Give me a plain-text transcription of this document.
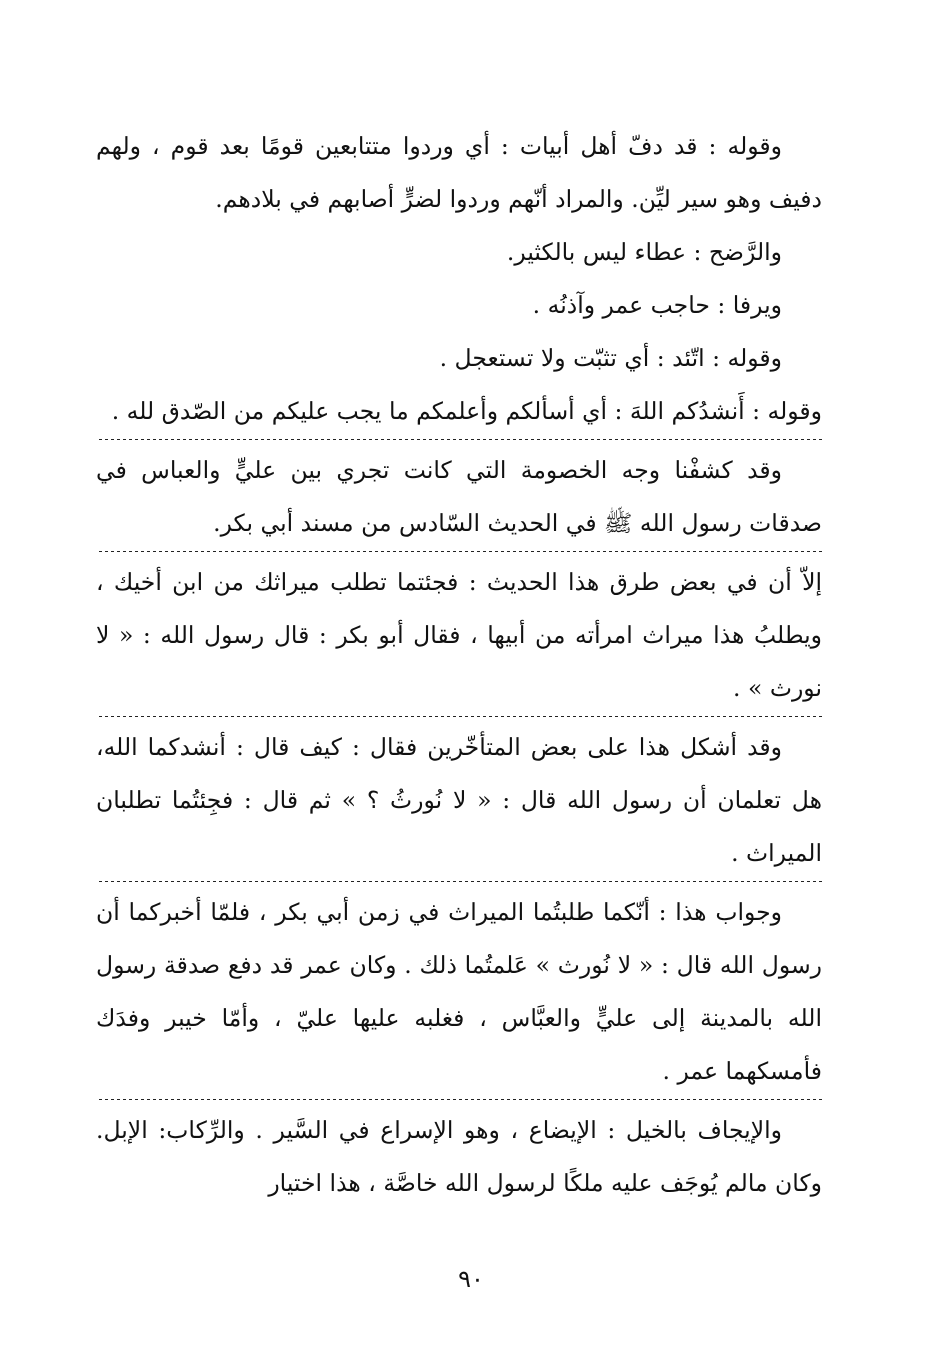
وقوله : قد دفّ أهل أبيات : أي وردوا متتابعين قومًا بعد قوم ، ولهم دفيف وهو سير ليِّن. والمراد أنّهم وردوا لضرٍّ أصابهم في بلادهم.

والرَّضح : عطاء ليس بالكثير.

ويرفا : حاجب عمر وآذنُه .

وقوله : اتّئد : أي تثبّت ولا تستعجل .

وقوله : أَنشدُكم اللهَ : أي أسألكم وأعلمكم ما يجب عليكم من الصّدق لله .

وقد كشفْنا وجه الخصومة التي كانت تجري بين عليٍّ والعباس في صدقات رسول الله ﷺ في الحديث السّادس من مسند أبي بكر.

إلاّ أن في بعض طرق هذا الحديث : فجئتما تطلب ميراثك من ابن أخيك ، ويطلبُ هذا ميراث امرأته من أبيها ، فقال أبو بكر : قال رسول الله : « لا نورث » .

وقد أشكل هذا على بعض المتأخّرين فقال : كيف قال : أنشدكما الله، هل تعلمان أن رسول الله قال : « لا نُورثُ ؟ » ثم قال : فجِئتُما تطلبان الميراث .

وجواب هذا : أنّكما طلبتُما الميراث في زمن أبي بكر ، فلمّا أخبركما أن رسول الله قال : « لا نُورث » عَلمتُما ذلك . وكان عمر قد دفع صدقة رسول الله بالمدينة إلى عليٍّ والعبَّاس ، فغلبه عليها عليّ ، وأمّا خيبر وفدَك فأمسكهما عمر .

والإيجاف بالخيل : الإيضاع ، وهو الإسراع في السَّير . والرِّكاب: الإبل. وكان مالم يُوجَف عليه ملكًا لرسول الله خاصَّة ، هذا اختيار

٩٠
